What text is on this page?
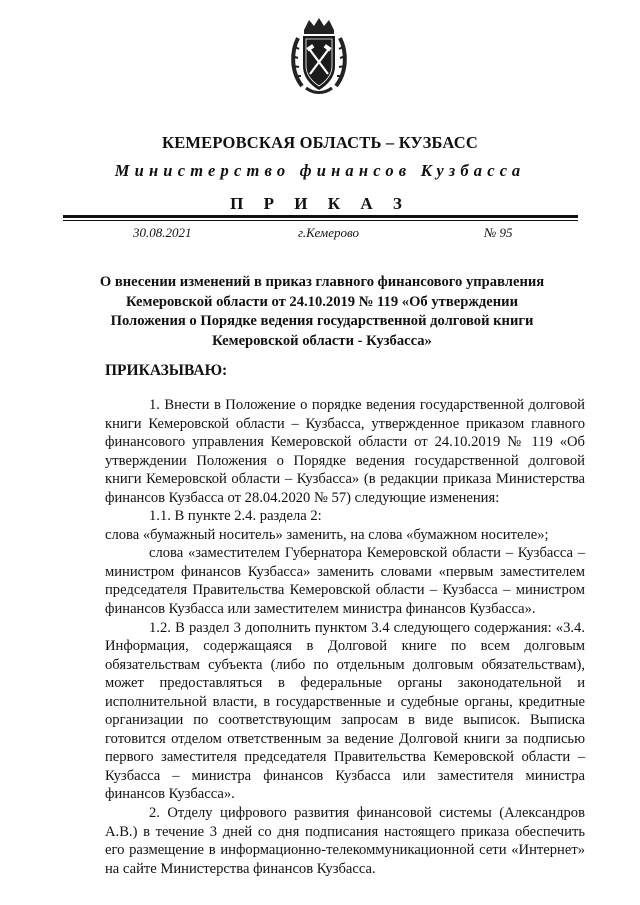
КЕМЕРОВСКАЯ ОБЛАСТЬ – КУЗБАСС
Министерство финансов Кузбасса
П Р И К А З
30.08.2021	г.Кемерово	№ 95
О внесении изменений в приказ главного финансового управления Кемеровской области от 24.10.2019 № 119 «Об утверждении Положения о Порядке ведения государственной долговой книги Кемеровской области - Кузбасса»
ПРИКАЗЫВАЮ:

1. Внести в Положение о порядке ведения государственной долговой книги Кемеровской области – Кузбасса, утвержденное приказом главного финансового управления Кемеровской области от 24.10.2019 № 119 «Об утверждении Положения о Порядке ведения государственной долговой книги Кемеровской области – Кузбасса» (в редакции приказа Министерства финансов Кузбасса от 28.04.2020 № 57) следующие изменения:

1.1. В пункте 2.4. раздела 2:

слова «бумажный носитель» заменить, на слова «бумажном носителе»;

слова «заместителем Губернатора Кемеровской области – Кузбасса – министром финансов Кузбасса» заменить словами «первым заместителем председателя Правительства Кемеровской области – Кузбасса – министром финансов Кузбасса или заместителем министра финансов Кузбасса».

1.2. В раздел 3 дополнить пунктом 3.4 следующего содержания: «3.4. Информация, содержащаяся в Долговой книге по всем долговым обязательствам субъекта (либо по отдельным долговым обязательствам), может предоставляться в федеральные органы законодательной и исполнительной власти, в государственные и судебные органы, кредитные организации по соответствующим запросам в виде выписок. Выписка готовится отделом ответственным за ведение Долговой книги за подписью первого заместителя председателя Правительства Кемеровской области – Кузбасса – министра финансов Кузбасса или заместителя министра финансов Кузбасса».

2. Отделу цифрового развития финансовой системы (Александров А.В.) в течение 3 дней со дня подписания настоящего приказа обеспечить его размещение в информационно-телекоммуникационной сети «Интернет» на сайте Министерства финансов Кузбасса.
